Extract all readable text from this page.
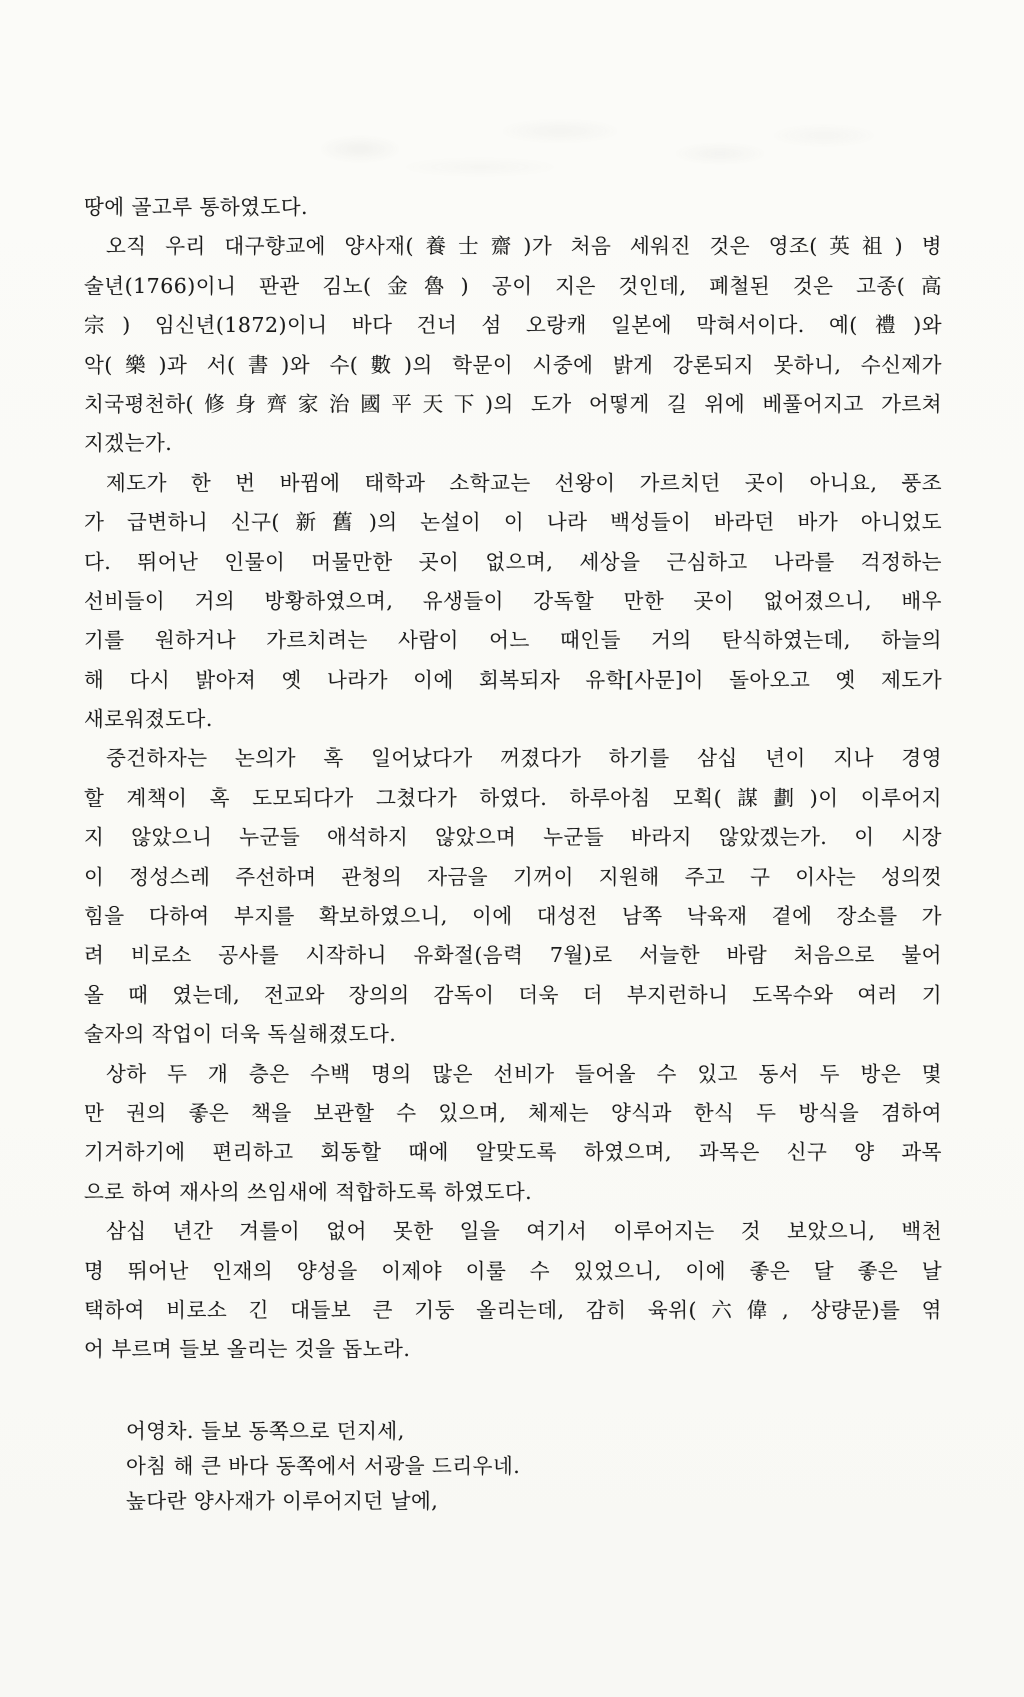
땅에 골고루 통하였도다.
오직 우리 대구향교에 양사재(養士齋)가 처음 세워진 것은 영조(英祖) 병
술년(1766)이니 판관 김노(金魯) 공이 지은 것인데, 폐철된 것은 고종(高
宗) 임신년(1872)이니 바다 건너 섬 오랑캐 일본에 막혀서이다. 예(禮)와
악(樂)과 서(書)와 수(數)의 학문이 시중에 밝게 강론되지 못하니, 수신제가
치국평천하(修身齊家治國平天下)의 도가 어떻게 길 위에 베풀어지고 가르쳐
지겠는가.
제도가 한 번 바뀜에 태학과 소학교는 선왕이 가르치던 곳이 아니요, 풍조
가 급변하니 신구(新舊)의 논설이 이 나라 백성들이 바라던 바가 아니었도
다. 뛰어난 인물이 머물만한 곳이 없으며, 세상을 근심하고 나라를 걱정하는
선비들이 거의 방황하였으며, 유생들이 강독할 만한 곳이 없어졌으니, 배우
기를 원하거나 가르치려는 사람이 어느 때인들 거의 탄식하였는데, 하늘의
해 다시 밝아져 옛 나라가 이에 회복되자 유학[사문]이 돌아오고 옛 제도가
새로워졌도다.
중건하자는 논의가 혹 일어났다가 꺼졌다가 하기를 삼십 년이 지나 경영
할 계책이 혹 도모되다가 그쳤다가 하였다. 하루아침 모획(謀劃)이 이루어지
지 않았으니 누군들 애석하지 않았으며 누군들 바라지 않았겠는가. 이 시장
이 정성스레 주선하며 관청의 자금을 기꺼이 지원해 주고 구 이사는 성의껏
힘을 다하여 부지를 확보하였으니, 이에 대성전 남쪽 낙육재 곁에 장소를 가
려 비로소 공사를 시작하니 유화절(음력 7월)로 서늘한 바람 처음으로 불어
올 때 였는데, 전교와 장의의 감독이 더욱 더 부지런하니 도목수와 여러 기
술자의 작업이 더욱 독실해졌도다.
상하 두 개 층은 수백 명의 많은 선비가 들어올 수 있고 동서 두 방은 몇
만 권의 좋은 책을 보관할 수 있으며, 체제는 양식과 한식 두 방식을 겸하여
기거하기에 편리하고 회동할 때에 알맞도록 하였으며, 과목은 신구 양 과목
으로 하여 재사의 쓰임새에 적합하도록 하였도다.
삼십 년간 겨를이 없어 못한 일을 여기서 이루어지는 것 보았으니, 백천
명 뛰어난 인재의 양성을 이제야 이룰 수 있었으니, 이에 좋은 달 좋은 날
택하여 비로소 긴 대들보 큰 기둥 올리는데, 감히 육위(六偉, 상량문)를 엮
어 부르며 들보 올리는 것을 돕노라.
어영차. 들보 동쪽으로 던지세,
아침 해 큰 바다 동쪽에서 서광을 드리우네.
높다란 양사재가 이루어지던 날에,
